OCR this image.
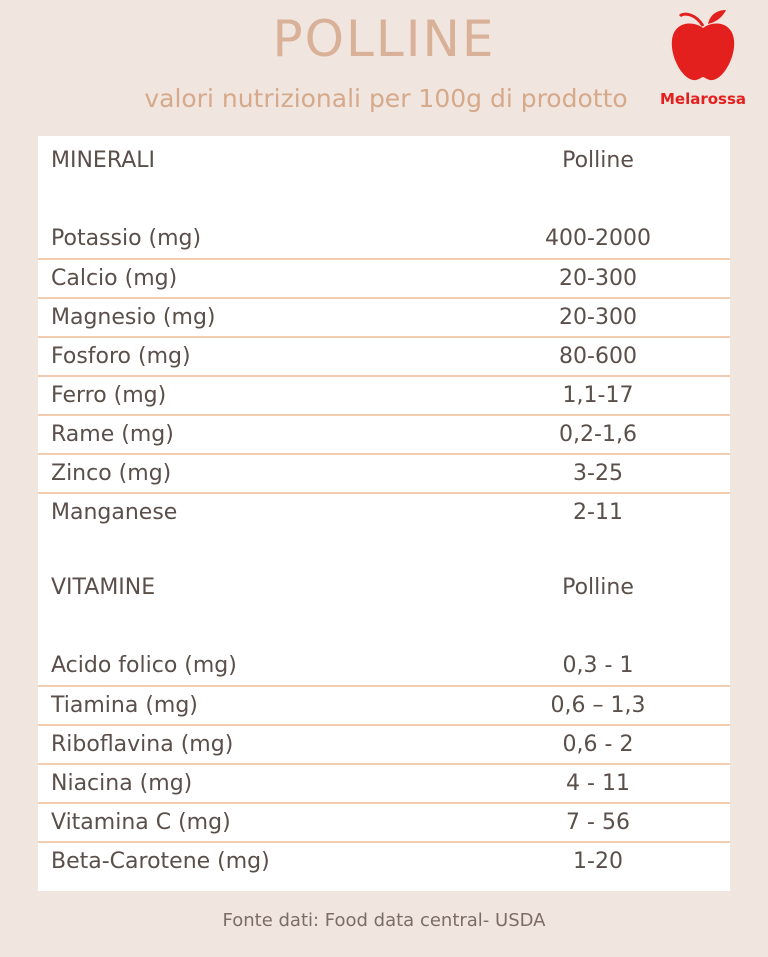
POLLINE
valori nutrizionali per 100g di prodotto	Melarossa
MINERALI	Polline
Potassio (mg)	400-2000
Calcio (mg)	20-300
Magnesio (mg)	20-300
Fosforo (mg)	80-600
Ferro (mg)	1,1-17
Rame (mg)	0,2-1,6
Zinco (mg)	3-25
Manganese	2-11
VITAMINE	Polline
Acido folico (mg)	0,3 - 1
Tiamina (mg)	0,6 – 1,3
Riboflavina (mg)	0,6 - 2
Niacina (mg)	4 - 11
Vitamina C (mg)	7 - 56
Beta-Carotene (mg)	1-20
Fonte dati: Food data central- USDA
